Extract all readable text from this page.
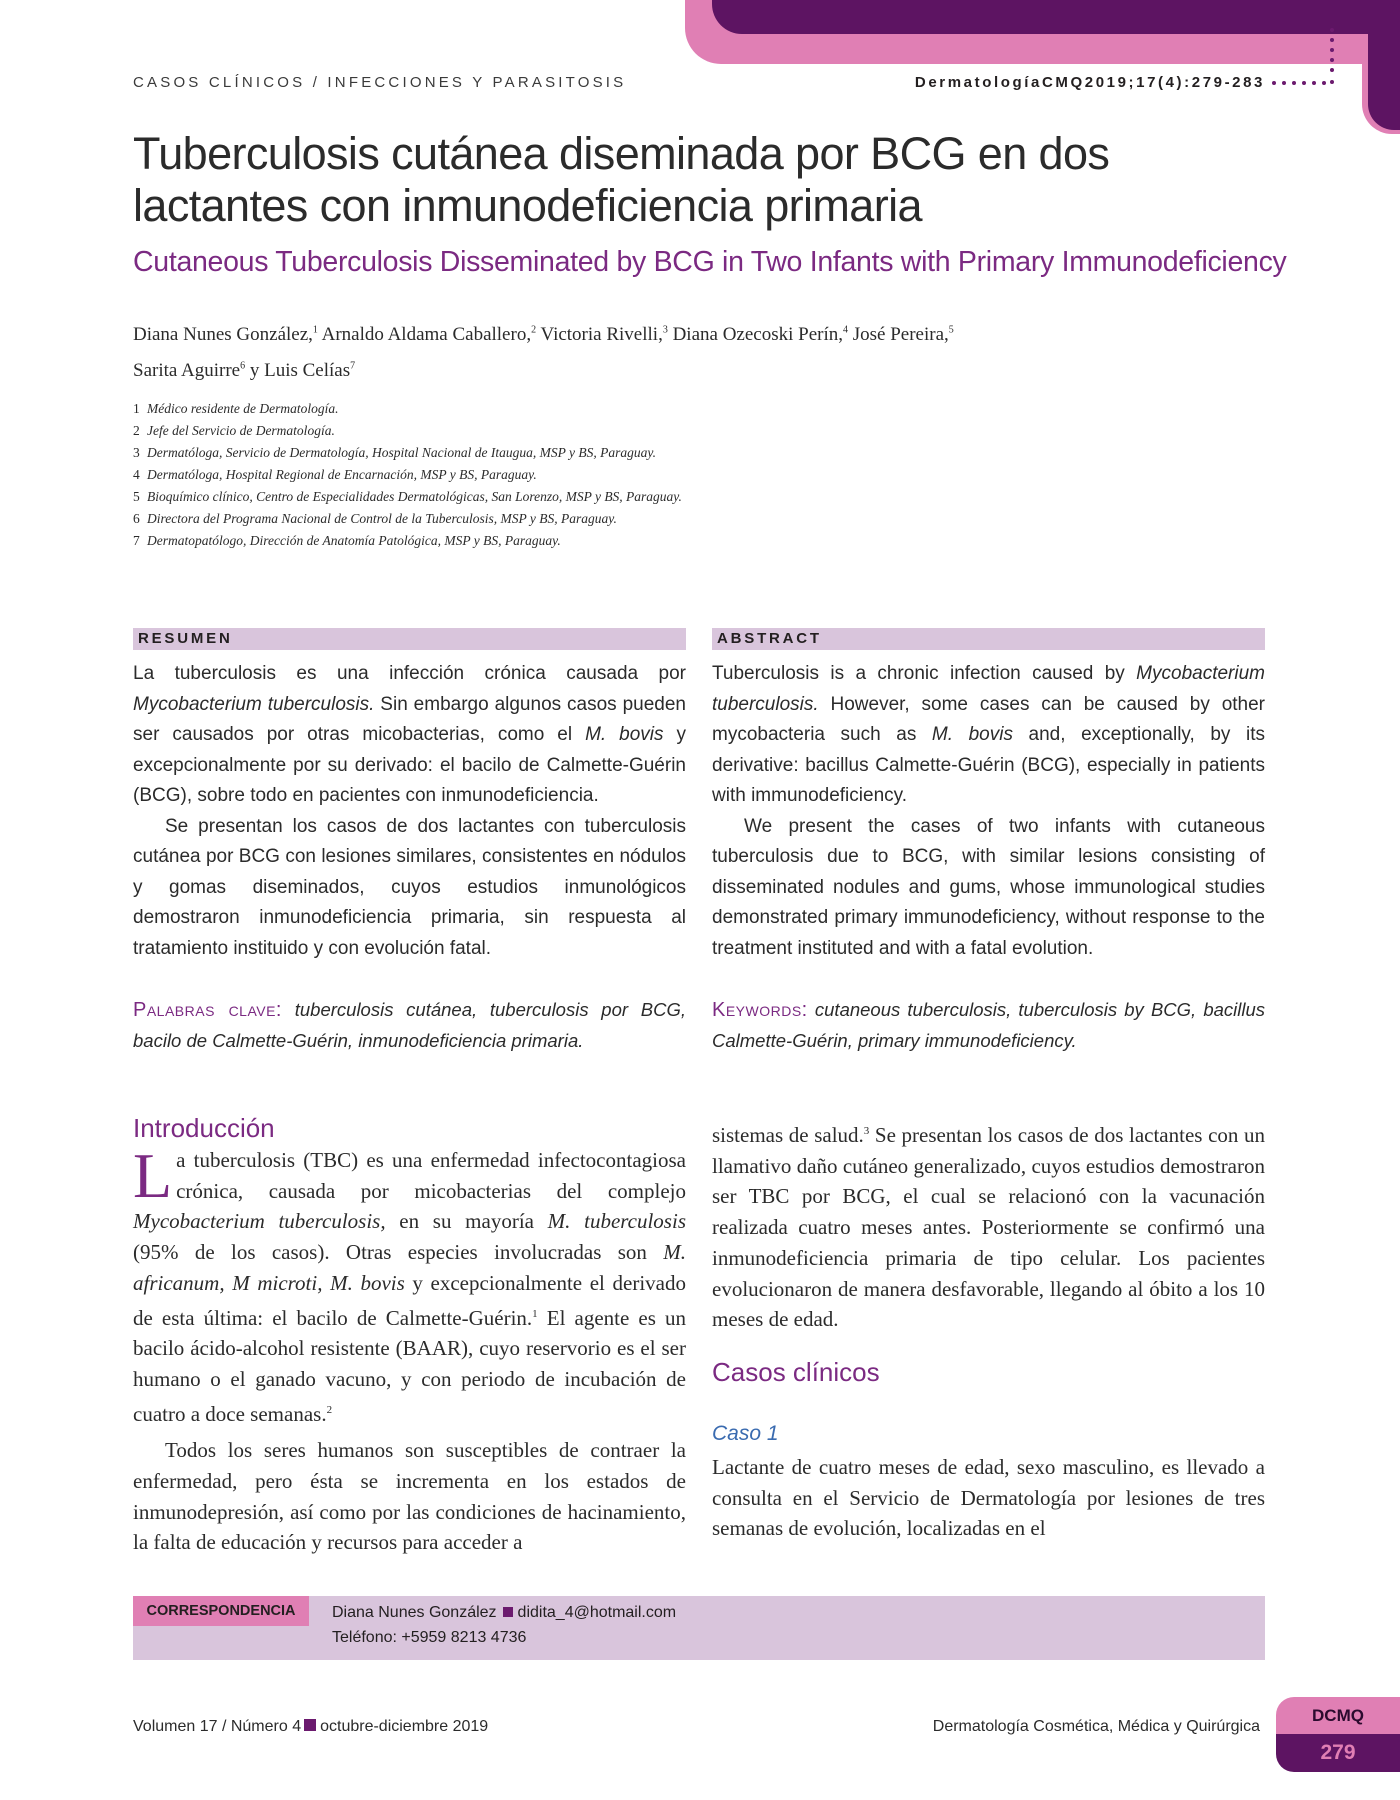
CASOS CLÍNICOS / INFECCIONES Y PARASITOSIS	DermatologíaCMQ2019;17(4):279-283
Tuberculosis cutánea diseminada por BCG en dos lactantes con inmunodeficiencia primaria
Cutaneous Tuberculosis Disseminated by BCG in Two Infants with Primary Immunodeficiency
Diana Nunes González,$^1$ Arnaldo Aldama Caballero,$^2$ Victoria Rivelli,$^3$ Diana Ozecoski Perín,$^4$ José Pereira,$^5$
Sarita Aguirre$^6$ y Luis Celías$^7$
1 Médico residente de Dermatología.
2 Jefe del Servicio de Dermatología.
3 Dermatóloga, Servicio de Dermatología, Hospital Nacional de Itaugua, MSP y BS, Paraguay.
4 Dermatóloga, Hospital Regional de Encarnación, MSP y BS, Paraguay.
5 Bioquímico clínico, Centro de Especialidades Dermatológicas, San Lorenzo, MSP y BS, Paraguay.
6 Directora del Programa Nacional de Control de la Tuberculosis, MSP y BS, Paraguay.
7 Dermatopatólogo, Dirección de Anatomía Patológica, MSP y BS, Paraguay.
RESUMEN

La tuberculosis es una infección crónica causada por Mycobacterium tuberculosis. Sin embargo algunos casos pueden ser causados por otras micobacterias, como el M. bovis y excepcionalmente por su derivado: el bacilo de Calmette-Guérin (BCG), sobre todo en pacientes con inmunodeficiencia.

Se presentan los casos de dos lactantes con tuberculosis cutánea por BCG con lesiones similares, consistentes en nódulos y gomas diseminados, cuyos estudios inmunológicos demostraron inmunodeficiencia primaria, sin respuesta al tratamiento instituido y con evolución fatal.

Palabras clave: tuberculosis cutánea, tuberculosis por BCG, bacilo de Calmette-Guérin, inmunodeficiencia primaria.
ABSTRACT

Tuberculosis is a chronic infection caused by Mycobacterium tuberculosis. However, some cases can be caused by other mycobacteria such as M. bovis and, exceptionally, by its derivative: bacillus Calmette-Guérin (BCG), especially in patients with immunodeficiency.

We present the cases of two infants with cutaneous tuberculosis due to BCG, with similar lesions consisting of disseminated nodules and gums, whose immunological studies demonstrated primary immunodeficiency, without response to the treatment instituted and with a fatal evolution.

Keywords: cutaneous tuberculosis, tuberculosis by BCG, bacillus Calmette-Guérin, primary immunodeficiency.
Introducción

La tuberculosis (TBC) es una enfermedad infectocontagiosa crónica, causada por micobacterias del complejo Mycobacterium tuberculosis, en su mayoría M. tuberculosis (95% de los casos). Otras especies involucradas son M. africanum, M microti, M. bovis y excepcionalmente el derivado de esta última: el bacilo de Calmette-Guérin.$^1$ El agente es un bacilo ácido-alcohol resistente (BAAR), cuyo reservorio es el ser humano o el ganado vacuno, y con periodo de incubación de cuatro a doce semanas.$^2$

Todos los seres humanos son susceptibles de contraer la enfermedad, pero ésta se incrementa en los estados de inmunodepresión, así como por las condiciones de hacinamiento, la falta de educación y recursos para acceder a

sistemas de salud.$^3$ Se presentan los casos de dos lactantes con un llamativo daño cutáneo generalizado, cuyos estudios demostraron ser TBC por BCG, el cual se relacionó con la vacunación realizada cuatro meses antes. Posteriormente se confirmó una inmunodeficiencia primaria de tipo celular. Los pacientes evolucionaron de manera desfavorable, llegando al óbito a los 10 meses de edad.

Casos clínicos
Caso 1
Lactante de cuatro meses de edad, sexo masculino, es llevado a consulta en el Servicio de Dermatología por lesiones de tres semanas de evolución, localizadas en el
CORRESPONDENCIA	Diana Nunes González didita_4@hotmail.com
Teléfono: +5959 8213 4736
Volumen 17 / Número 4 octubre-diciembre 2019	Dermatología Cosmética, Médica y Quirúrgica
DCMQ
279
